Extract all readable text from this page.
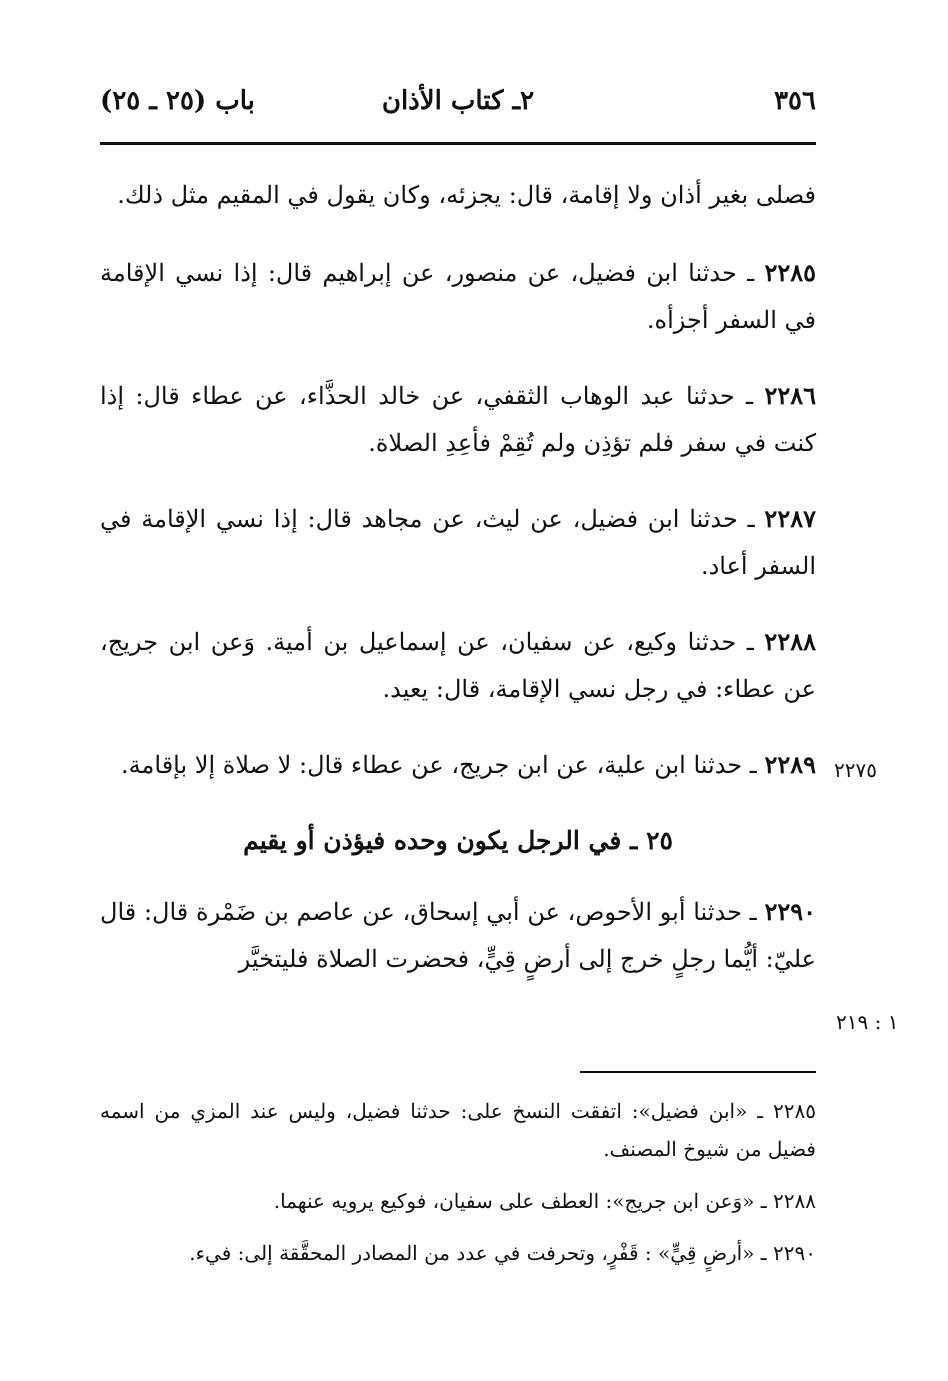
٣٥٦
٢ـ كتاب الأذان
باب (٢٥ ـ ٢٥)

فصلى بغير أذان ولا إقامة، قال: يجزئه، وكان يقول في المقيم مثل ذلك.

٢٢٨٥ ـ حدثنا ابن فضيل، عن منصور، عن إبراهيم قال: إذا نسي الإقامة في السفر أجزأه.

٢٢٨٦ ـ حدثنا عبد الوهاب الثقفي، عن خالد الحذَّاء، عن عطاء قال: إذا كنت في سفر فلم تؤذِن ولم تُقِمْ فأعِدِ الصلاة.

٢٢٨٧ ـ حدثنا ابن فضيل، عن ليث، عن مجاهد قال: إذا نسي الإقامة في السفر أعاد.

٢٢٨٨ ـ حدثنا وكيع، عن سفيان، عن إسماعيل بن أمية. وَعن ابن جريج، عن عطاء: في رجل نسي الإقامة، قال: يعيد.

٢٢٨٩ ـ حدثنا ابن علية، عن ابن جريج، عن عطاء قال: لا صلاة إلا بإقامة.

٢٥ ـ في الرجل يكون وحده فيؤذن أو يقيم

٢٢٩٠ ـ حدثنا أبو الأحوص، عن أبي إسحاق، عن عاصم بن ضَمْرة قال: قال عليّ: أيُّما رجلٍ خرج إلى أرضٍ قِيٍّ، فحضرت الصلاة فليتخيَّر

٢٢٧٥
١ : ٢١٩

٢٢٨٥ ـ «ابن فضيل»: اتفقت النسخ على: حدثنا فضيل، وليس عند المزي من اسمه فضيل من شيوخ المصنف.

٢٢٨٨ ـ «وَعن ابن جريج»: العطف على سفيان، فوكيع يرويه عنهما.

٢٢٩٠ ـ «أرضٍ قِيٍّ» : قَفْرٍ، وتحرفت في عدد من المصادر المحقَّقة إلى: فيء.
